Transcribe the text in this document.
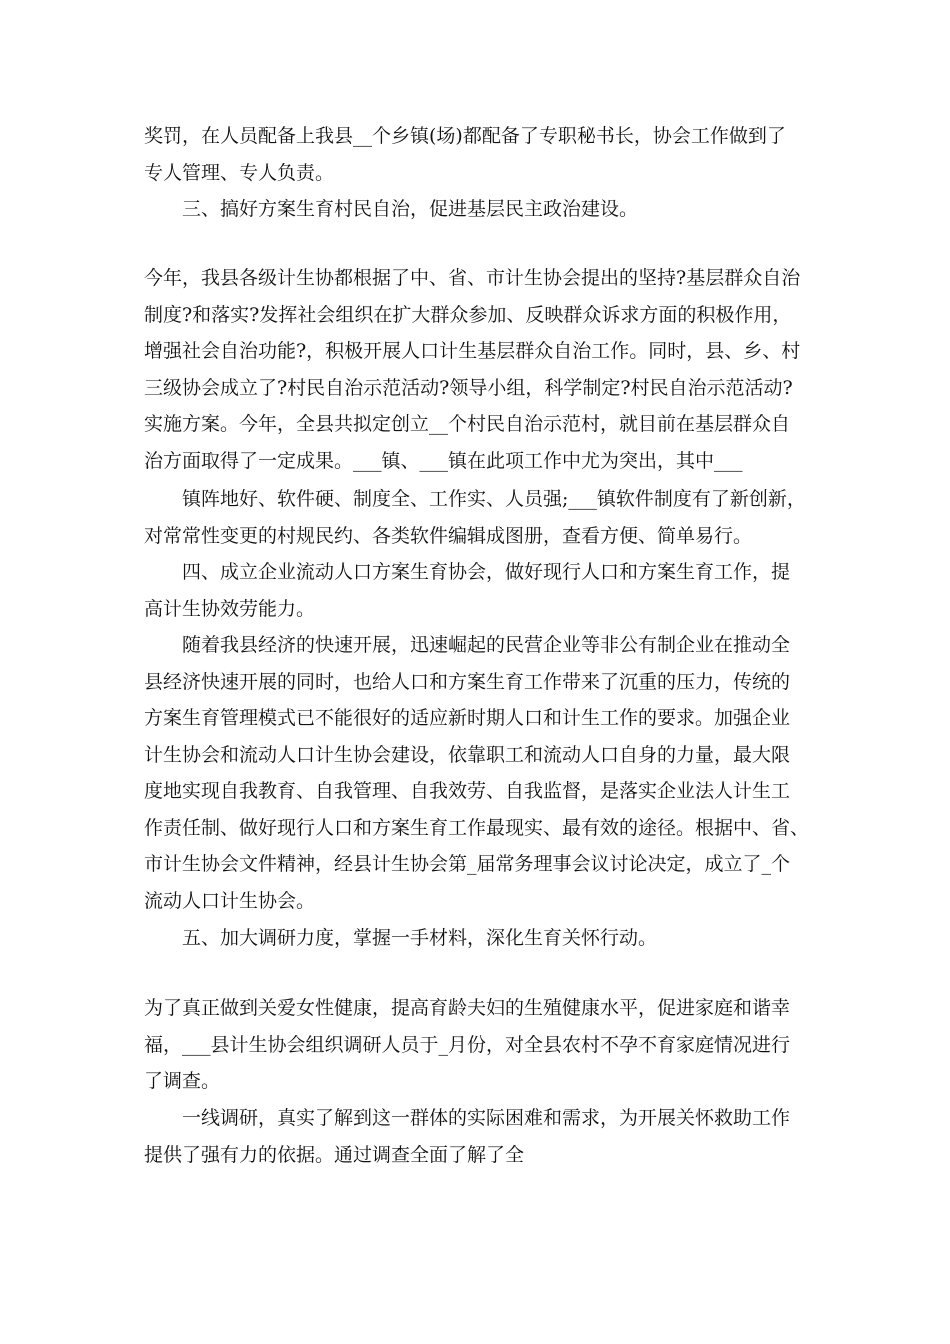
奖罚，在人员配备上我县__个乡镇(场)都配备了专职秘书长，协会工作做到了
专人管理、专人负责。
三、搞好方案生育村民自治，促进基层民主政治建设。
今年，我县各级计生协都根据了中、省、市计生协会提出的坚持?基层群众自治
制度?和落实?发挥社会组织在扩大群众参加、反映群众诉求方面的积极作用，
增强社会自治功能?，积极开展人口计生基层群众自治工作。同时，县、乡、村
三级协会成立了?村民自治示范活动?领导小组，科学制定?村民自治示范活动?
实施方案。今年，全县共拟定创立__个村民自治示范村，就目前在基层群众自
治方面取得了一定成果。___镇、___镇在此项工作中尤为突出，其中___
镇阵地好、软件硬、制度全、工作实、人员强;___镇软件制度有了新创新，
对常常性变更的村规民约、各类软件编辑成图册，查看方便、简单易行。
四、成立企业流动人口方案生育协会，做好现行人口和方案生育工作，提
高计生协效劳能力。
随着我县经济的快速开展，迅速崛起的民营企业等非公有制企业在推动全
县经济快速开展的同时，也给人口和方案生育工作带来了沉重的压力，传统的
方案生育管理模式已不能很好的适应新时期人口和计生工作的要求。加强企业
计生协会和流动人口计生协会建设，依靠职工和流动人口自身的力量，最大限
度地实现自我教育、自我管理、自我效劳、自我监督，是落实企业法人计生工
作责任制、做好现行人口和方案生育工作最现实、最有效的途径。根据中、省、
市计生协会文件精神，经县计生协会第_届常务理事会议讨论决定，成立了_个
流动人口计生协会。
五、加大调研力度，掌握一手材料，深化生育关怀行动。
为了真正做到关爱女性健康，提高育龄夫妇的生殖健康水平，促进家庭和谐幸
福，___县计生协会组织调研人员于_月份，对全县农村不孕不育家庭情况进行
了调查。
一线调研，真实了解到这一群体的实际困难和需求，为开展关怀救助工作
提供了强有力的依据。通过调查全面了解了全
